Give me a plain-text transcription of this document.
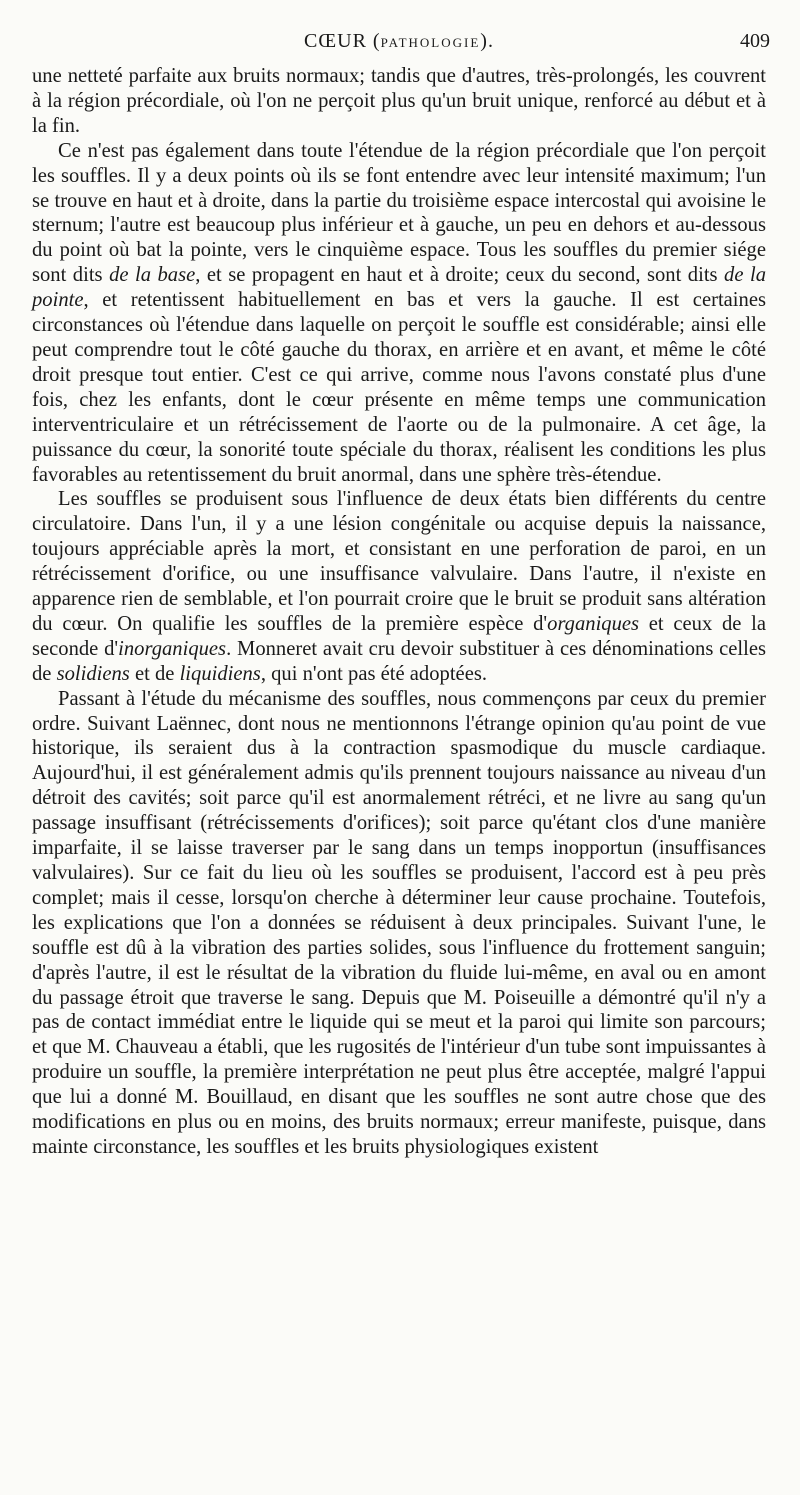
CŒUR (PATHOLOGIE).	409

une netteté parfaite aux bruits normaux; tandis que d'autres, très-prolongés, les couvrent à la région précordiale, où l'on ne perçoit plus qu'un bruit unique, renforcé au début et à la fin.

Ce n'est pas également dans toute l'étendue de la région précordiale que l'on perçoit les souffles. Il y a deux points où ils se font entendre avec leur intensité maximum; l'un se trouve en haut et à droite, dans la partie du troisième espace intercostal qui avoisine le sternum; l'autre est beaucoup plus inférieur et à gauche, un peu en dehors et au-dessous du point où bat la pointe, vers le cinquième espace. Tous les souffles du premier siége sont dits de la base, et se propagent en haut et à droite; ceux du second, sont dits de la pointe, et retentissent habituellement en bas et vers la gauche. Il est certaines circonstances où l'étendue dans laquelle on perçoit le souffle est considérable; ainsi elle peut comprendre tout le côté gauche du thorax, en arrière et en avant, et même le côté droit presque tout entier. C'est ce qui arrive, comme nous l'avons constaté plus d'une fois, chez les enfants, dont le cœur présente en même temps une communication interventriculaire et un rétrécissement de l'aorte ou de la pulmonaire. A cet âge, la puissance du cœur, la sonorité toute spéciale du thorax, réalisent les conditions les plus favorables au retentissement du bruit anormal, dans une sphère très-étendue.

Les souffles se produisent sous l'influence de deux états bien différents du centre circulatoire. Dans l'un, il y a une lésion congénitale ou acquise depuis la naissance, toujours appréciable après la mort, et consistant en une perforation de paroi, en un rétrécissement d'orifice, ou une insuffisance valvulaire. Dans l'autre, il n'existe en apparence rien de semblable, et l'on pourrait croire que le bruit se produit sans altération du cœur. On qualifie les souffles de la première espèce d'organiques et ceux de la seconde d'inorganiques. Monneret avait cru devoir substituer à ces dénominations celles de solidiens et de liquidiens, qui n'ont pas été adoptées.

Passant à l'étude du mécanisme des souffles, nous commençons par ceux du premier ordre. Suivant Laënnec, dont nous ne mentionnons l'étrange opinion qu'au point de vue historique, ils seraient dus à la contraction spasmodique du muscle cardiaque. Aujourd'hui, il est généralement admis qu'ils prennent toujours naissance au niveau d'un détroit des cavités; soit parce qu'il est anormalement rétréci, et ne livre au sang qu'un passage insuffisant (rétrécissements d'orifices); soit parce qu'étant clos d'une manière imparfaite, il se laisse traverser par le sang dans un temps inopportun (insuffisances valvulaires). Sur ce fait du lieu où les souffles se produisent, l'accord est à peu près complet; mais il cesse, lorsqu'on cherche à déterminer leur cause prochaine. Toutefois, les explications que l'on a données se réduisent à deux principales. Suivant l'une, le souffle est dû à la vibration des parties solides, sous l'influence du frottement sanguin; d'après l'autre, il est le résultat de la vibration du fluide lui-même, en aval ou en amont du passage étroit que traverse le sang. Depuis que M. Poiseuille a démontré qu'il n'y a pas de contact immédiat entre le liquide qui se meut et la paroi qui limite son parcours; et que M. Chauveau a établi, que les rugosités de l'intérieur d'un tube sont impuissantes à produire un souffle, la première interprétation ne peut plus être acceptée, malgré l'appui que lui a donné M. Bouillaud, en disant que les souffles ne sont autre chose que des modifications en plus ou en moins, des bruits normaux; erreur manifeste, puisque, dans mainte circonstance, les souffles et les bruits physiologiques existent
